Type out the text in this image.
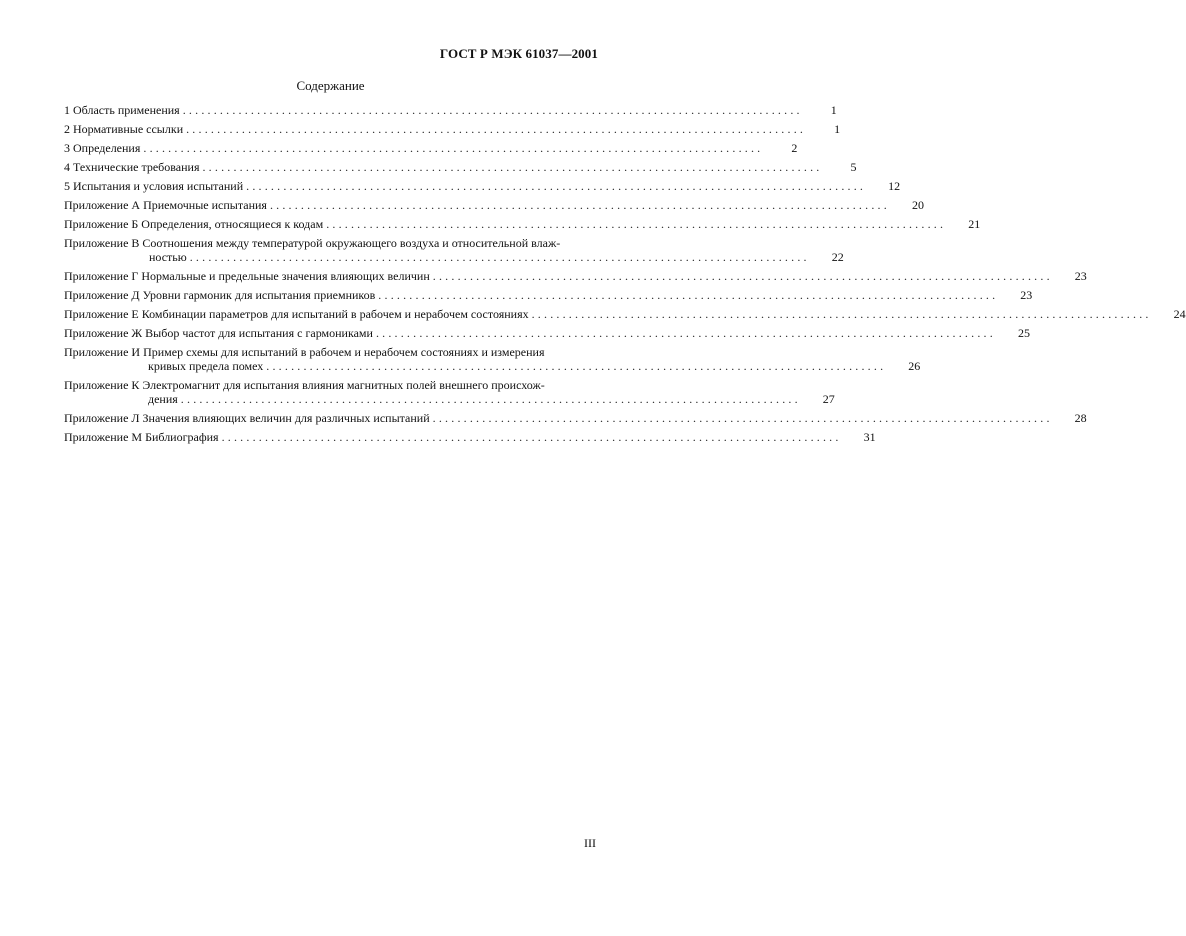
ГОСТ Р МЭК 61037—2001
Содержание
1 Область применения ....................................................................................................	1
2 Нормативные ссылки ....................................................................................................	1
3 Определения ....................................................................................................	2
4 Технические требования ....................................................................................................	5
5 Испытания и условия испытаний ....................................................................................................	12
Приложение А Приемочные испытания ....................................................................................................	20
Приложение Б Определения, относящиеся к кодам ....................................................................................................	21
Приложение В Соотношения между температурой окружающего воздуха и относительной влаж-
ностью ....................................................................................................	22
Приложение Г Нормальные и предельные значения влияющих величин ....................................................................................................	23
Приложение Д Уровни гармоник для испытания приемников ....................................................................................................	23
Приложение Е Комбинации параметров для испытаний в рабочем и нерабочем состояниях ....................................................................................................	24
Приложение Ж Выбор частот для испытания с гармониками ....................................................................................................	25
Приложение И Пример схемы для испытаний в рабочем и нерабочем состояниях и измерения
кривых предела помех ....................................................................................................	26
Приложение К Электромагнит для испытания влияния магнитных полей внешнего происхож-
дения ....................................................................................................	27
Приложение Л Значения влияющих величин для различных испытаний ....................................................................................................	28
Приложение М Библиография ....................................................................................................	31
III
